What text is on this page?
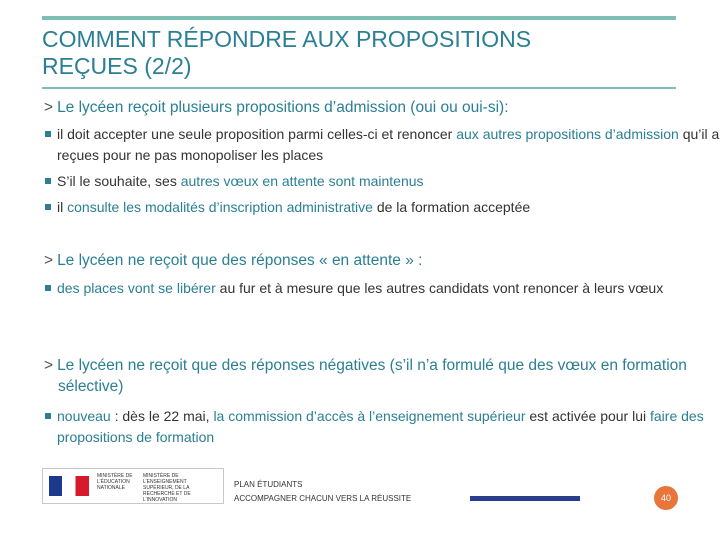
COMMENT RÉPONDRE AUX PROPOSITIONS
REÇUES (2/2)
> Le lycéen reçoit plusieurs propositions d’admission (oui ou oui-si):
il doit accepter une seule proposition parmi celles-ci et renoncer aux autres propositions d’admission qu’il a reçues pour ne pas monopoliser les places
S’il le souhaite, ses autres vœux en attente sont maintenus
il consulte les modalités d’inscription administrative de la formation acceptée
> Le lycéen ne reçoit que des réponses « en attente » :
des places vont se libérer au fur et à mesure que les autres candidats vont renoncer à leurs vœux
> Le lycéen ne reçoit que des réponses négatives (s’il n’a formulé que des vœux en formation sélective)
nouveau : dès le 22 mai, la commission d’accès à l’enseignement supérieur est activée pour lui faire des propositions de formation
MINISTÈRE DE L’ÉDUCATION NATIONALE
MINISTÈRE DE L’ENSEIGNEMENT SUPÉRIEUR, DE LA RECHERCHE ET DE L’INNOVATION
PLAN ÉTUDIANTS
ACCOMPAGNER CHACUN VERS LA RÉUSSITE	40
